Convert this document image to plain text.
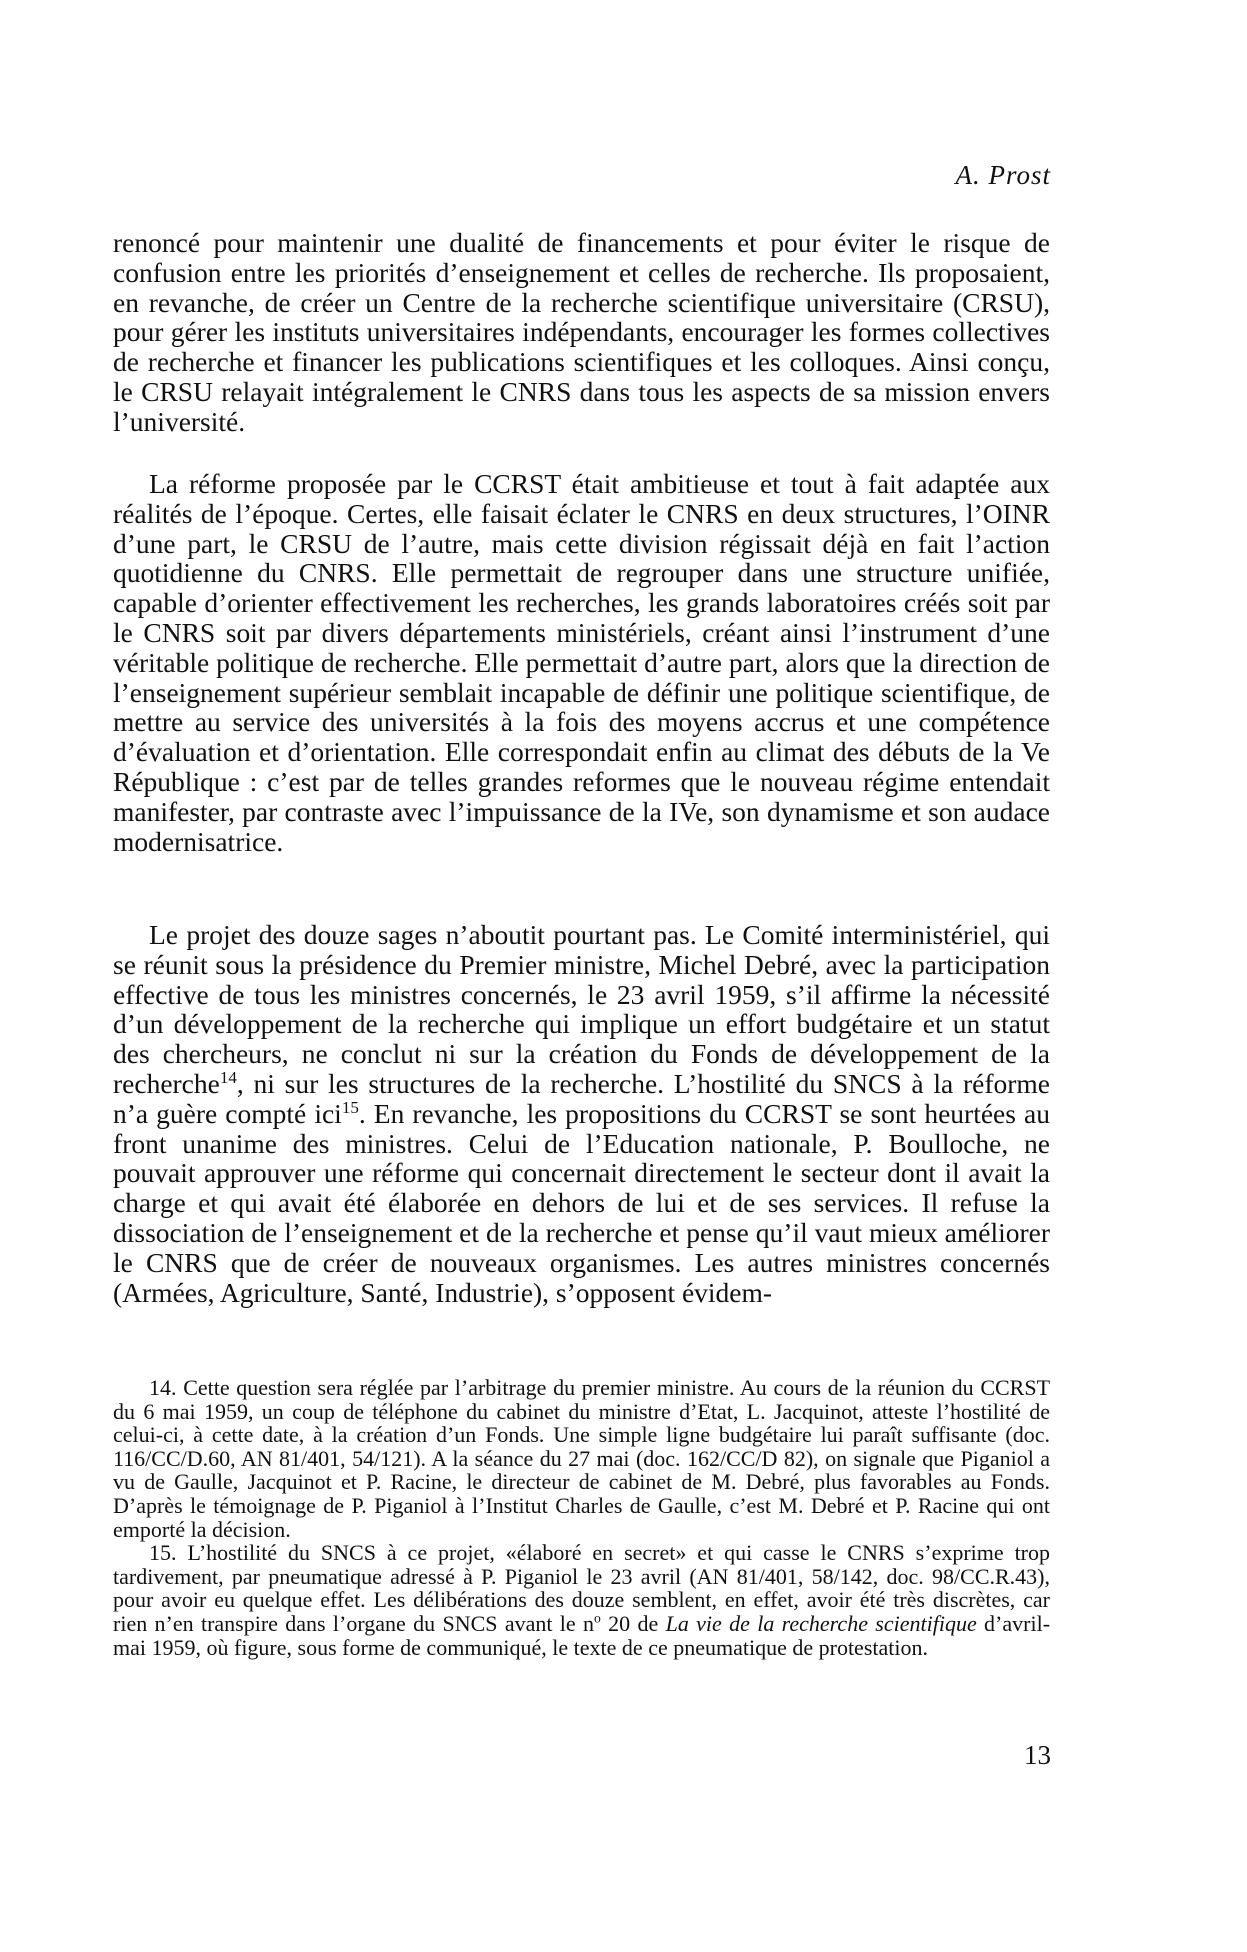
A. Prost

renoncé pour maintenir une dualité de financements et pour éviter le risque de confusion entre les priorités d’enseignement et celles de recherche. Ils proposaient, en revanche, de créer un Centre de la recherche scientifique universitaire (CRSU), pour gérer les instituts universitaires indépendants, encourager les formes collectives de recherche et financer les publications scientifiques et les colloques. Ainsi conçu, le CRSU relayait intégralement le CNRS dans tous les aspects de sa mission envers l’université.

La réforme proposée par le CCRST était ambitieuse et tout à fait adaptée aux réalités de l’époque. Certes, elle faisait éclater le CNRS en deux structures, l’OINR d’une part, le CRSU de l’autre, mais cette division régissait déjà en fait l’action quotidienne du CNRS. Elle permettait de regrouper dans une structure unifiée, capable d’orienter effectivement les recherches, les grands laboratoires créés soit par le CNRS soit par divers départements ministériels, créant ainsi l’instrument d’une véritable politique de recherche. Elle permettait d’autre part, alors que la direction de l’enseignement supérieur semblait incapable de définir une politique scientifique, de mettre au service des universités à la fois des moyens accrus et une compétence d’évaluation et d’orientation. Elle correspondait enfin au climat des débuts de la Ve République : c’est par de telles grandes reformes que le nouveau régime entendait manifester, par contraste avec l’impuissance de la IVe, son dynamisme et son audace modernisatrice.

Le projet des douze sages n’aboutit pourtant pas. Le Comité interministériel, qui se réunit sous la présidence du Premier ministre, Michel Debré, avec la participation effective de tous les ministres concernés, le 23 avril 1959, s’il affirme la nécessité d’un développement de la recherche qui implique un effort budgétaire et un statut des chercheurs, ne conclut ni sur la création du Fonds de développement de la recherche$^{14}$, ni sur les structures de la recherche. L’hostilité du SNCS à la réforme n’a guère compté ici$^{15}$. En revanche, les propositions du CCRST se sont heurtées au front unanime des ministres. Celui de l’Education nationale, P. Boulloche, ne pouvait approuver une réforme qui concernait directement le secteur dont il avait la charge et qui avait été élaborée en dehors de lui et de ses services. Il refuse la dissociation de l’enseignement et de la recherche et pense qu’il vaut mieux améliorer le CNRS que de créer de nouveaux organismes. Les autres ministres concernés (Armées, Agriculture, Santé, Industrie), s’opposent évidem-

14. Cette question sera réglée par l’arbitrage du premier ministre. Au cours de la réunion du CCRST du 6 mai 1959, un coup de téléphone du cabinet du ministre d’Etat, L. Jacquinot, atteste l’hostilité de celui-ci, à cette date, à la création d’un Fonds. Une simple ligne budgétaire lui paraît suffisante (doc. 116/CC/D.60, AN 81/401, 54/121). A la séance du 27 mai (doc. 162/CC/D 82), on signale que Piganiol a vu de Gaulle, Jacquinot et P. Racine, le directeur de cabinet de M. Debré, plus favorables au Fonds. D’après le témoignage de P. Piganiol à l’Institut Charles de Gaulle, c’est M. Debré et P. Racine qui ont emporté la décision.

15. L’hostilité du SNCS à ce projet, «élaboré en secret» et qui casse le CNRS s’exprime trop tardivement, par pneumatique adressé à P. Piganiol le 23 avril (AN 81/401, 58/142, doc. 98/CC.R.43), pour avoir eu quelque effet. Les délibérations des douze semblent, en effet, avoir été très discrètes, car rien n’en transpire dans l’organe du SNCS avant le $n^o$ 20 de La vie de la recherche scientifique d’avril-mai 1959, où figure, sous forme de communiqué, le texte de ce pneumatique de protestation.

13
